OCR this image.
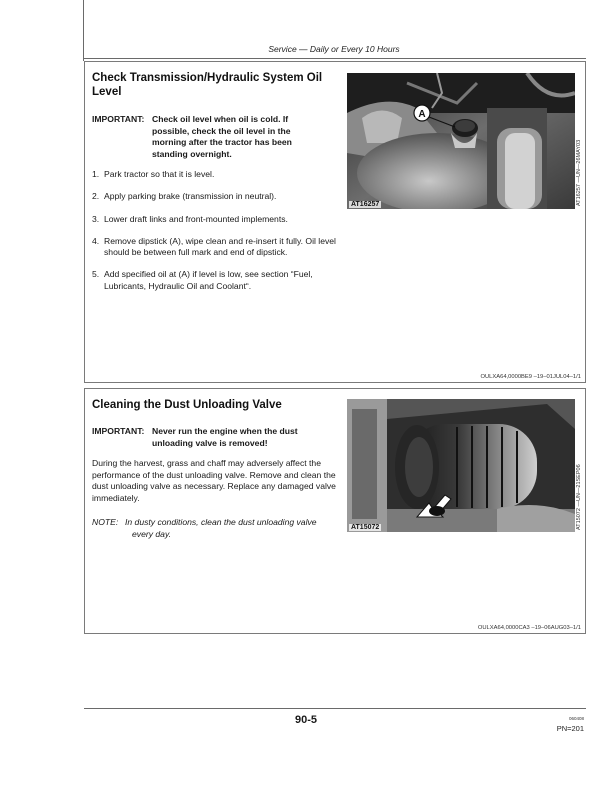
Service — Daily or Every 10 Hours
Check Transmission/Hydraulic System Oil Level
IMPORTANT: Check oil level when oil is cold. If possible, check the oil level in the morning after the tractor has been standing overnight.
1. Park tractor so that it is level.
2. Apply parking brake (transmission in neutral).
3. Lower draft links and front-mounted implements.
4. Remove dipstick (A), wipe clean and re-insert it fully. Oil level should be between full mark and end of dipstick.
5. Add specified oil at (A) if level is low, see section “Fuel, Lubricants, Hydraulic Oil and Coolant“.
A
AT16257	AT16257 —UN—26MAY03
OULXA64,0000BE9 –19–01JUL04–1/1
Cleaning the Dust Unloading Valve
IMPORTANT: Never run the engine when the dust unloading valve is removed!
During the harvest, grass and chaff may adversely affect the performance of the dust unloading valve. Remove and clean the dust unloading valve as necessary. Replace any damaged valve immediately.
NOTE: In dusty conditions, clean the dust unloading valve
every day.
AT15072	AT15072 —UN—21SEP06
OULXA64,0000CA3 –19–06AUG03–1/1
90-5	060408
PN=201
